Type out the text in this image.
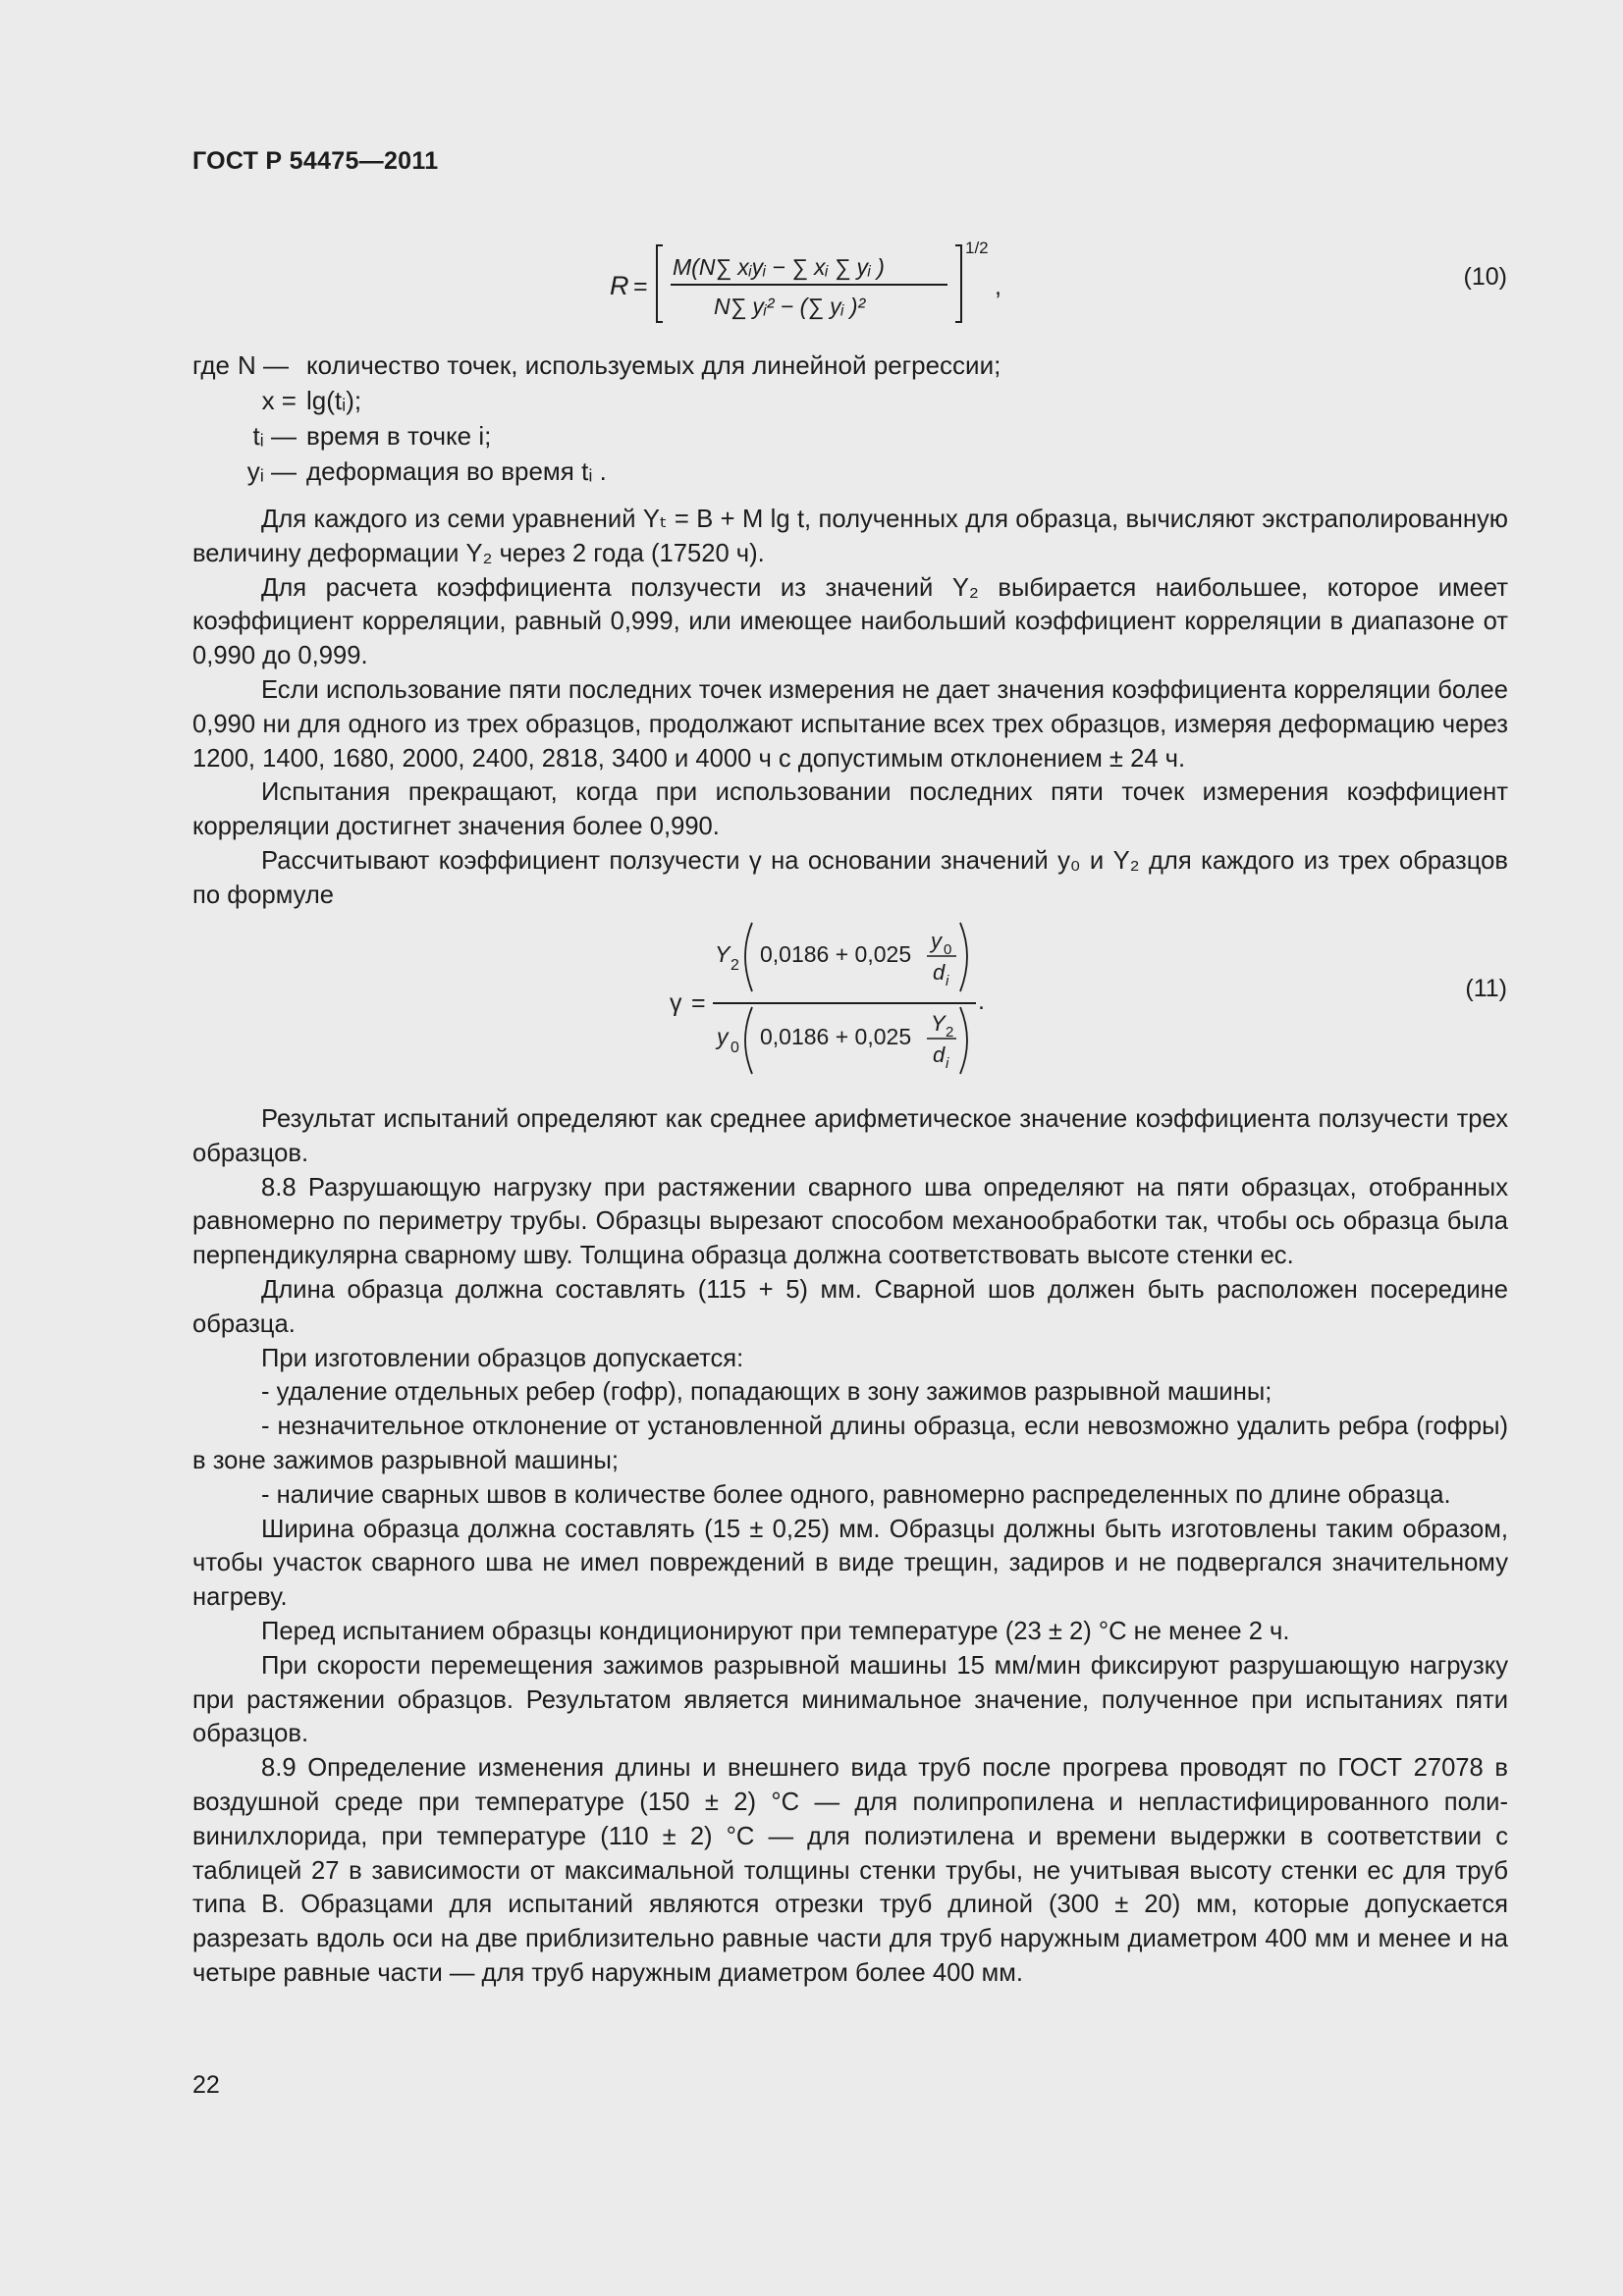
ГОСТ Р 54475—2011
R =
M(N∑ xᵢyᵢ − ∑ xᵢ ∑ yᵢ )
N∑ yᵢ² − (∑ yᵢ )²
1/2
,	(10)
где N — количество точек, используемых для линейной регрессии;
x = lg(tᵢ);
tᵢ — время в точке i;
yᵢ — деформация во время tᵢ .

Для каждого из семи уравнений Yₜ = B + M lg t, полученных для образца, вычисляют экстраполированную величину деформации Y₂ через 2 года (17520 ч).

Для расчета коэффициента ползучести из значений Y₂ выбирается наибольшее, которое имеет коэффициент корреляции, равный 0,999, или имеющее наибольший коэффициент корреляции в диапазоне от 0,990 до 0,999.

Если использование пяти последних точек измерения не дает значения коэффициента корреляции более 0,990 ни для одного из трех образцов, продолжают испытание всех трех образцов, измеряя деформацию через 1200, 1400, 1680, 2000, 2400, 2818, 3400 и 4000 ч с допустимым отклонением ± 24 ч.

Испытания прекращают, когда при использовании последних пяти точек измерения коэффициент корреляции достигнет значения более 0,990.

Рассчитывают коэффициент ползучести γ на основании значений y₀ и Y₂ для каждого из трех образцов по формуле

γ =
Y 2 0,0186 + 0,025
y 0
d i
.
y 0 0,0186 + 0,025
Y 2
d i
(11)

Результат испытаний определяют как среднее арифметическое значение коэффициента ползучести трех образцов.

8.8 Разрушающую нагрузку при растяжении сварного шва определяют на пяти образцах, отобранных равномерно по периметру трубы. Образцы вырезают способом механообработки так, чтобы ось образца была перпендикулярна сварному шву. Толщина образца должна соответствовать высоте стенки eс.

Длина образца должна составлять (115 + 5) мм. Сварной шов должен быть расположен посередине образца.

При изготовлении образцов допускается:

- удаление отдельных ребер (гофр), попадающих в зону зажимов разрывной машины;

- незначительное отклонение от установленной длины образца, если невозможно удалить ребра (гофры) в зоне зажимов разрывной машины;

- наличие сварных швов в количестве более одного, равномерно распределенных по длине образца.

Ширина образца должна составлять (15 ± 0,25) мм. Образцы должны быть изготовлены таким образом, чтобы участок сварного шва не имел повреждений в виде трещин, задиров и не подвергался значительному нагреву.

Перед испытанием образцы кондиционируют при температуре (23 ± 2) °С не менее 2 ч.

При скорости перемещения зажимов разрывной машины 15 мм/мин фиксируют разрушающую нагрузку при растяжении образцов. Результатом является минимальное значение, полученное при испытаниях пяти образцов.

8.9 Определение изменения длины и внешнего вида труб после прогрева проводят по ГОСТ 27078 в воздушной среде при температуре (150 ± 2) °С — для полипропилена и непластифицированного поливинилхлорида, при температуре (110 ± 2) °С — для полиэтилена и времени выдержки в соответствии с таблицей 27 в зависимости от максимальной толщины стенки трубы, не учитывая высоту стенки eс для труб типа В. Образцами для испытаний являются отрезки труб длиной (300 ± 20) мм, которые допускается разрезать вдоль оси на две приблизительно равные части для труб наружным диаметром 400 мм и менее и на четыре равные части — для труб наружным диаметром более 400 мм.

22
